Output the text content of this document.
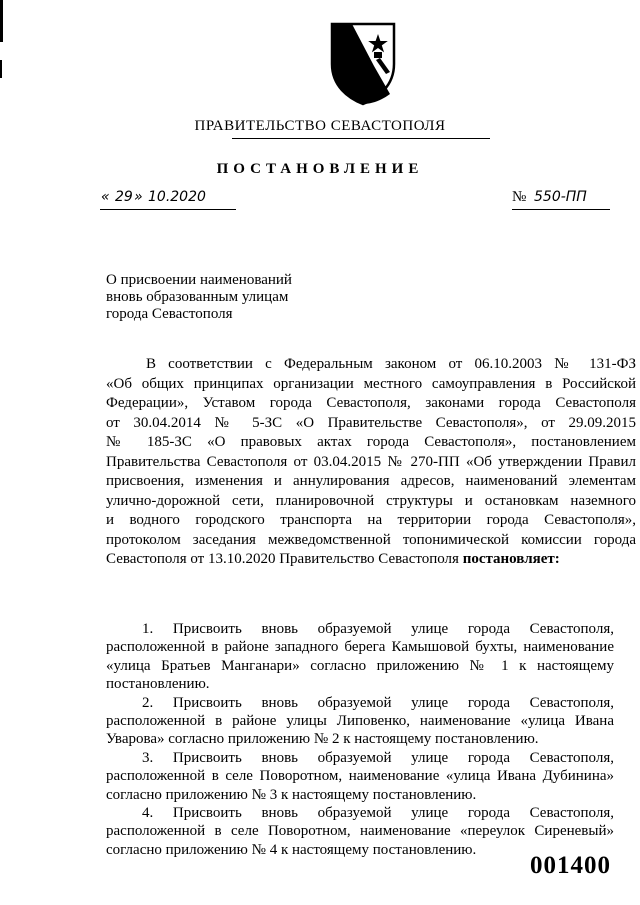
ПРАВИТЕЛЬСТВО СЕВАСТОПОЛЯ
ПОСТАНОВЛЕНИЕ
« 29 » 10.2020	№ 550-ПП
О присвоении наименований
вновь образованным улицам
города Севастополя
В соответствии с Федеральным законом от 06.10.2003 № 131-ФЗ
«Об общих принципах организации местного самоуправления в Российской
Федерации», Уставом города Севастополя, законами города Севастополя
от 30.04.2014 № 5-ЗС «О Правительстве Севастополя», от 29.09.2015
№ 185-ЗС «О правовых актах города Севастополя», постановлением
Правительства Севастополя от 03.04.2015 № 270-ПП «Об утверждении Правил
присвоения, изменения и аннулирования адресов, наименований элементам
улично-дорожной сети, планировочной структуры и остановкам наземного
и водного городского транспорта на территории города Севастополя»,
протоколом заседания межведомственной топонимической комиссии города
Севастополя от 13.10.2020 Правительство Севастополя постановляет:
1. Присвоить вновь образуемой улице города Севастополя,
расположенной в районе западного берега Камышовой бухты, наименование
«улица Братьев Манганари» согласно приложению № 1 к настоящему
постановлению.
2. Присвоить вновь образуемой улице города Севастополя,
расположенной в районе улицы Липовенко, наименование «улица Ивана
Уварова» согласно приложению № 2 к настоящему постановлению.
3. Присвоить вновь образуемой улице города Севастополя,
расположенной в селе Поворотном, наименование «улица Ивана Дубинина»
согласно приложению № 3 к настоящему постановлению.
4. Присвоить вновь образуемой улице города Севастополя,
расположенной в селе Поворотном, наименование «переулок Сиреневый»
согласно приложению № 4 к настоящему постановлению.
001400
